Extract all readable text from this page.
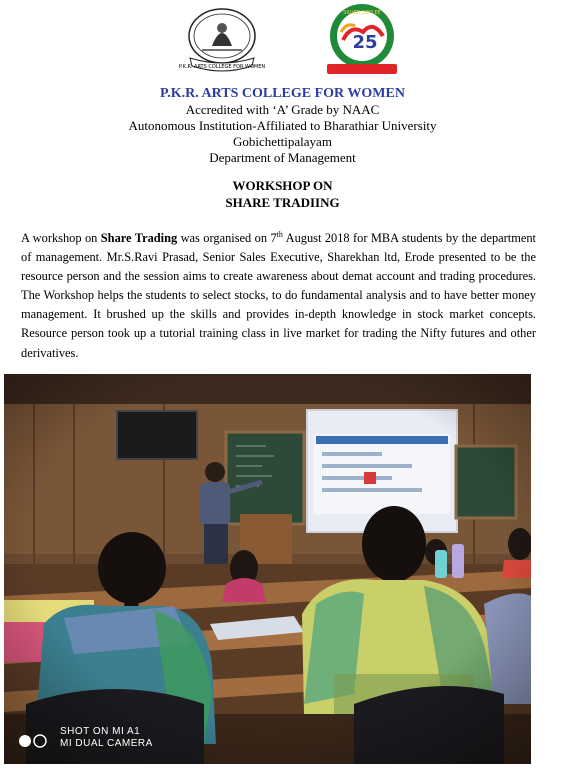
P.K.R. ARTS COLLEGE FOR WOMEN
25
SILVER JUBILEE
P.K.R. ARTS COLLEGE FOR WOMEN
Accredited with ‘A’ Grade by NAAC
Autonomous Institution-Affiliated to Bharathiar University
Gobichettipalayam
Department of Management
WORKSHOP ON
SHARE TRADIING

A workshop on Share Trading was organised on 7th August 2018 for MBA students by the department of management. Mr.S.Ravi Prasad, Senior Sales Executive, Sharekhan ltd, Erode presented to be the resource person and the session aims to create awareness about demat account and trading procedures. The Workshop helps the students to select stocks, to do fundamental analysis and to have better money management. It brushed up the skills and provides in-depth knowledge in stock market concepts. Resource person took up a tutorial training class in live market for trading the Nifty futures and other derivatives.

SHOT ON MI A1
MI DUAL CAMERA
